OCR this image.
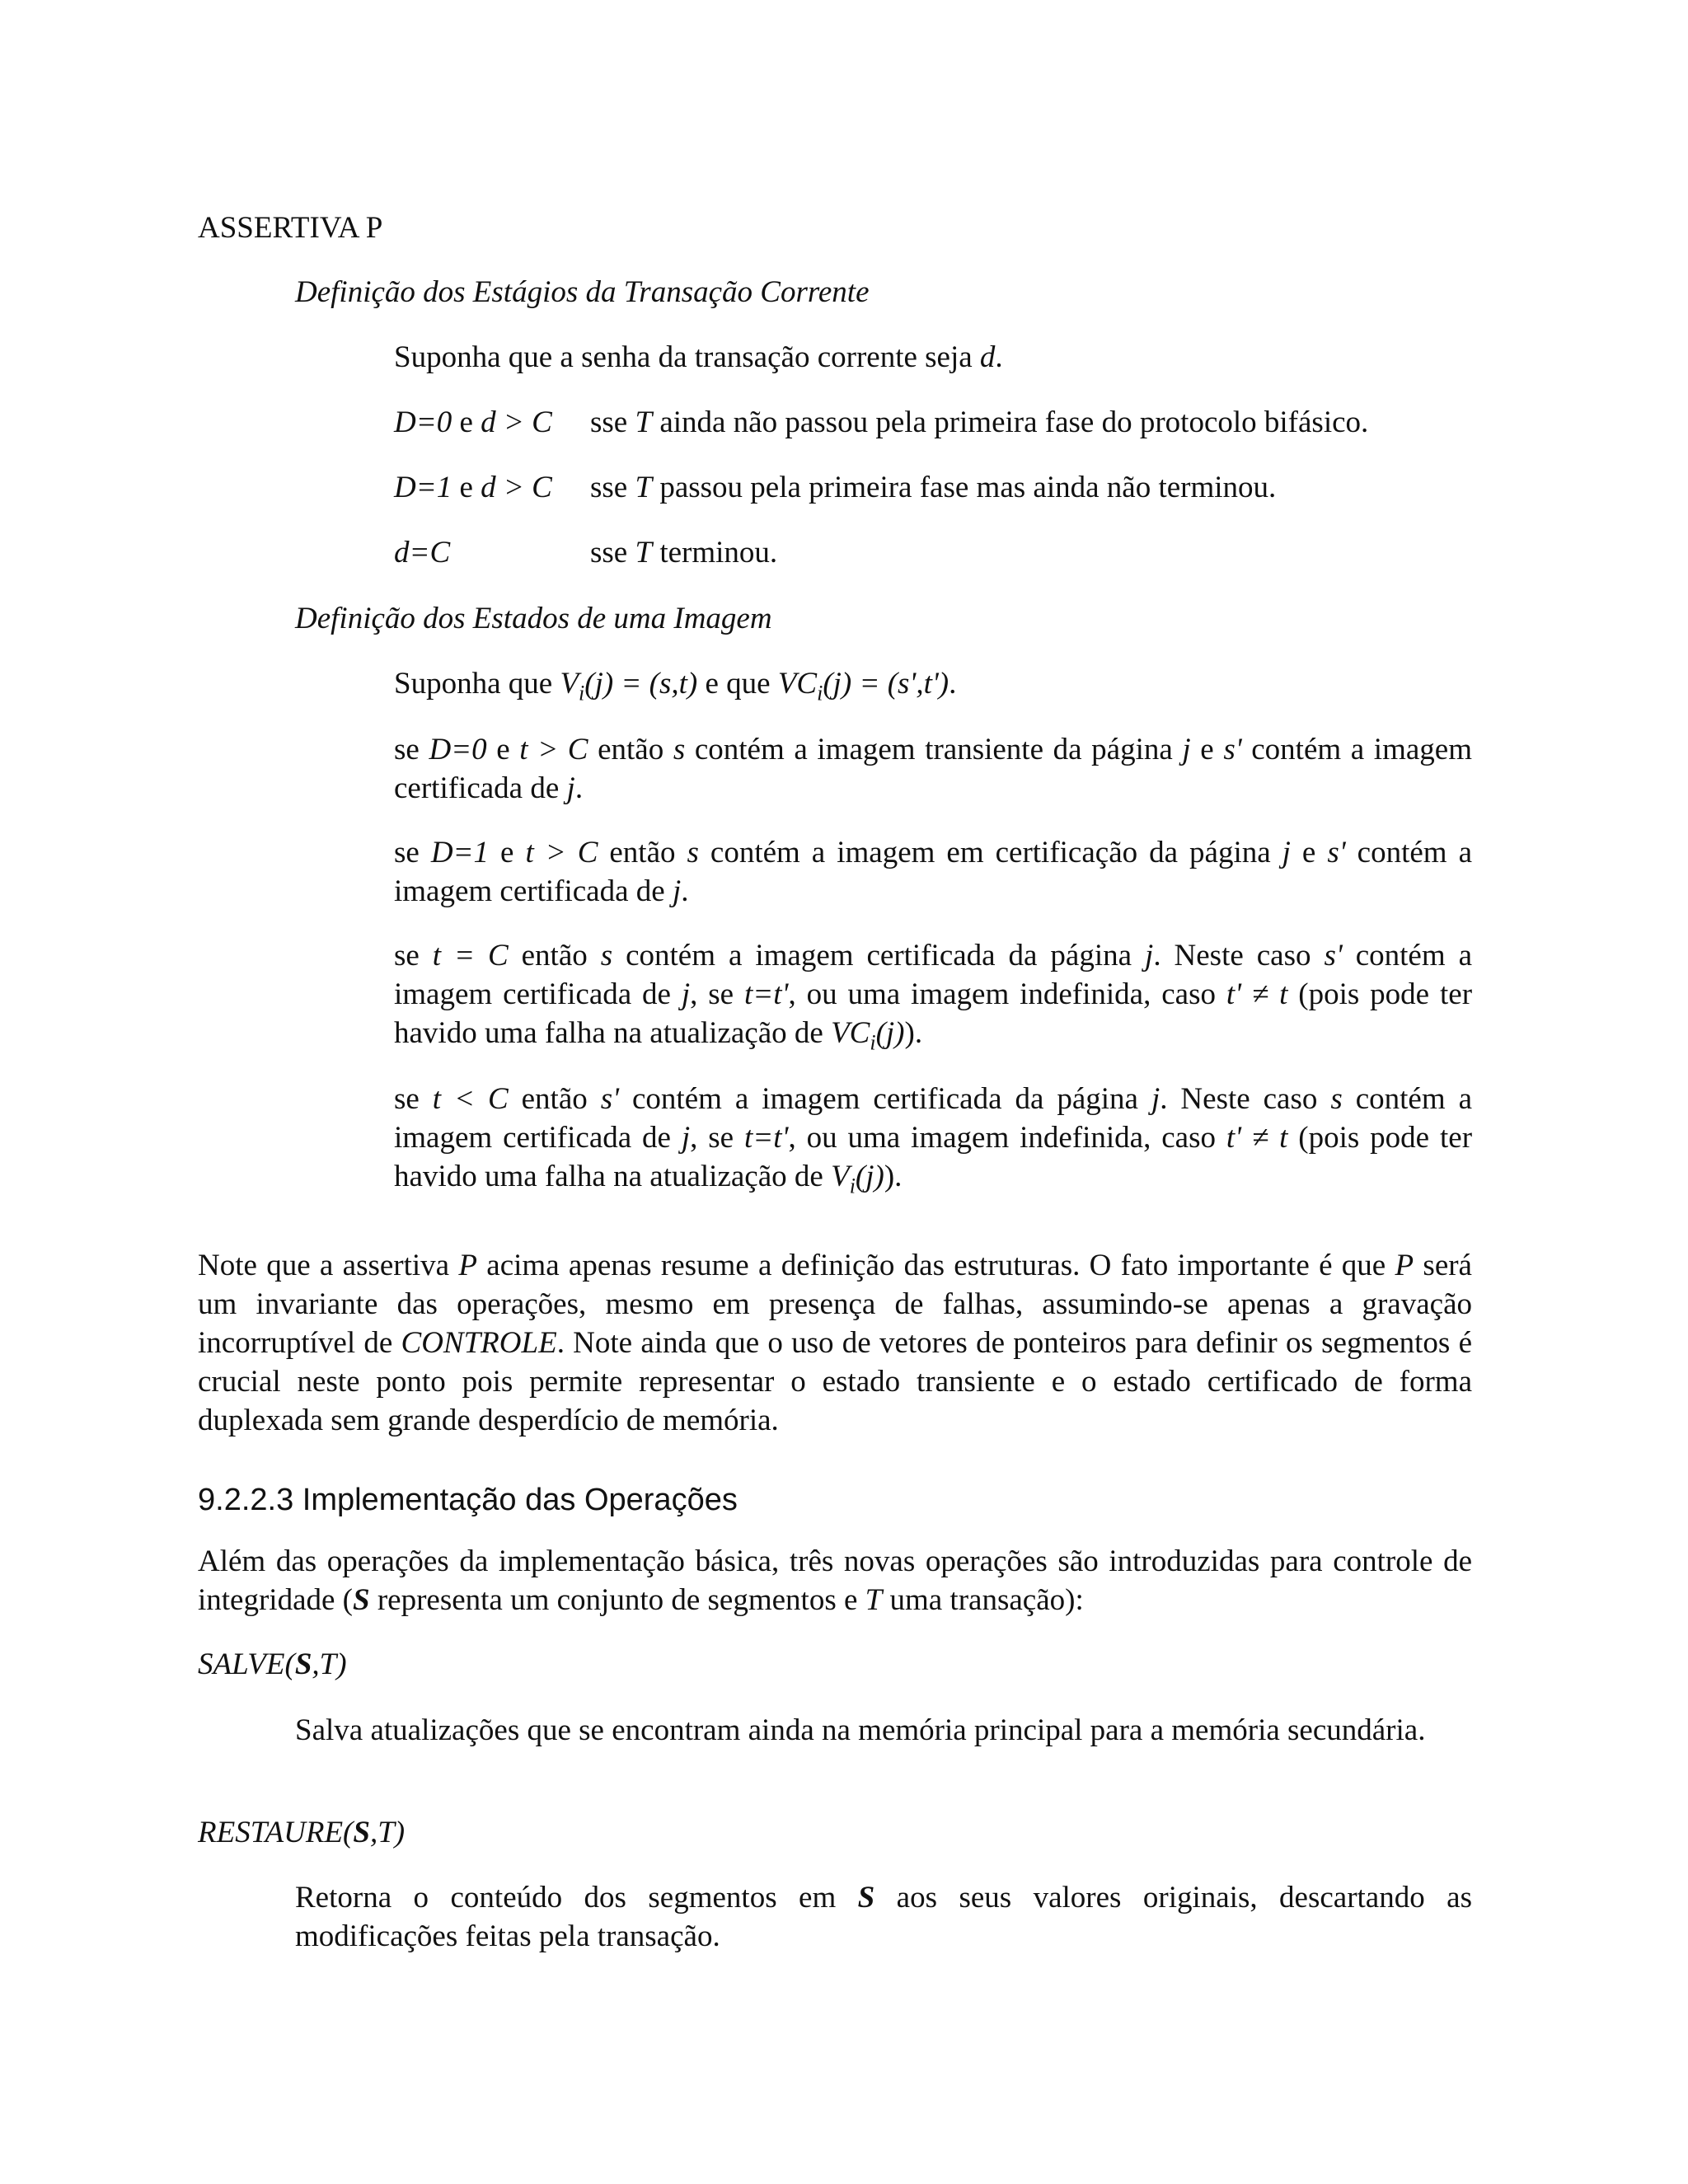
ASSERTIVA P
Definição dos Estágios da Transação Corrente
Suponha que a senha da transação corrente seja d.
D=0 e d > C sse T ainda não passou pela primeira fase do protocolo bifásico.
D=1 e d > C sse T passou pela primeira fase mas ainda não terminou.
d=C	sse T terminou.
Definição dos Estados de uma Imagem
Suponha que $V_i(j) = (s,t)$ e que $VC_i(j) = (s',t')$.

se D=0 e t > C então s contém a imagem transiente da página j e s' contém a imagem certificada de j.

se D=1 e t > C então s contém a imagem em certificação da página j e s' contém a imagem certificada de j.

se t = C então s contém a imagem certificada da página j. Neste caso s' contém a imagem certificada de j, se t=t', ou uma imagem indefinida, caso t' ≠ t (pois pode ter havido uma falha na atualização de $VC_i(j)$).

se t < C então s' contém a imagem certificada da página j. Neste caso s contém a imagem certificada de j, se t=t', ou uma imagem indefinida, caso t' ≠ t (pois pode ter havido uma falha na atualização de $V_i(j)$).

Note que a assertiva P acima apenas resume a definição das estruturas. O fato importante é que P será um invariante das operações, mesmo em presença de falhas, assumindo-se apenas a gravação incorruptível de CONTROLE. Note ainda que o uso de vetores de ponteiros para definir os segmentos é crucial neste ponto pois permite representar o estado transiente e o estado certificado de forma duplexada sem grande desperdício de memória.

9.2.2.3 Implementação das Operações

Além das operações da implementação básica, três novas operações são introduzidas para controle de integridade (S representa um conjunto de segmentos e T uma transação):

SALVE(S,T)

Salva atualizações que se encontram ainda na memória principal para a memória secundária.

RESTAURE(S,T)

Retorna o conteúdo dos segmentos em S aos seus valores originais, descartando as modificações feitas pela transação.
